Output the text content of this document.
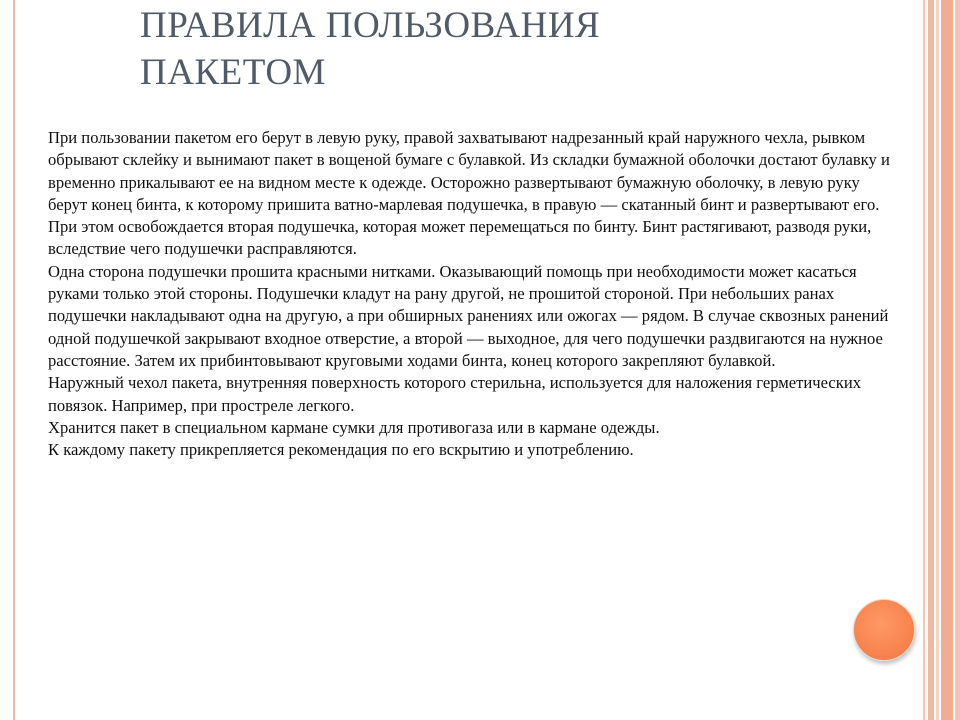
ПРАВИЛА ПОЛЬЗОВАНИЯ ПАКЕТОМ

При пользовании пакетом его берут в левую руку, правой захватывают надрезанный край наружного чехла, рывком обрывают склейку и вынимают пакет в вощеной бумаге с булавкой. Из складки бумажной оболочки достают булавку и временно прикалывают ее на видном месте к одежде. Осторожно развертывают бумажную оболочку, в левую руку берут конец бинта, к которому пришита ватно-марлевая подушечка, в правую — скатанный бинт и развертывают его. При этом освобождается вторая подушечка, которая может перемещаться по бинту. Бинт растягивают, разводя руки, вследствие чего подушечки расправляются.

Одна сторона подушечки прошита красными нитками. Оказывающий помощь при необходимости может касаться руками только этой стороны. Подушечки кладут на рану другой, не прошитой стороной. При небольших ранах подушечки накладывают одна на другую, а при обширных ранениях или ожогах — рядом. В случае сквозных ранений одной подушечкой закрывают входное отверстие, а второй — выходное, для чего подушечки раздвигаются на нужное расстояние. Затем их прибинтовывают круговыми ходами бинта, конец которого закрепляют булавкой.

Наружный чехол пакета, внутренняя поверхность которого стерильна, используется для наложения герметических повязок. Например, при простреле легкого.

Хранится пакет в специальном кармане сумки для противогаза или в кармане одежды.

К каждому пакету прикрепляется рекомендация по его вскрытию и употреблению.
